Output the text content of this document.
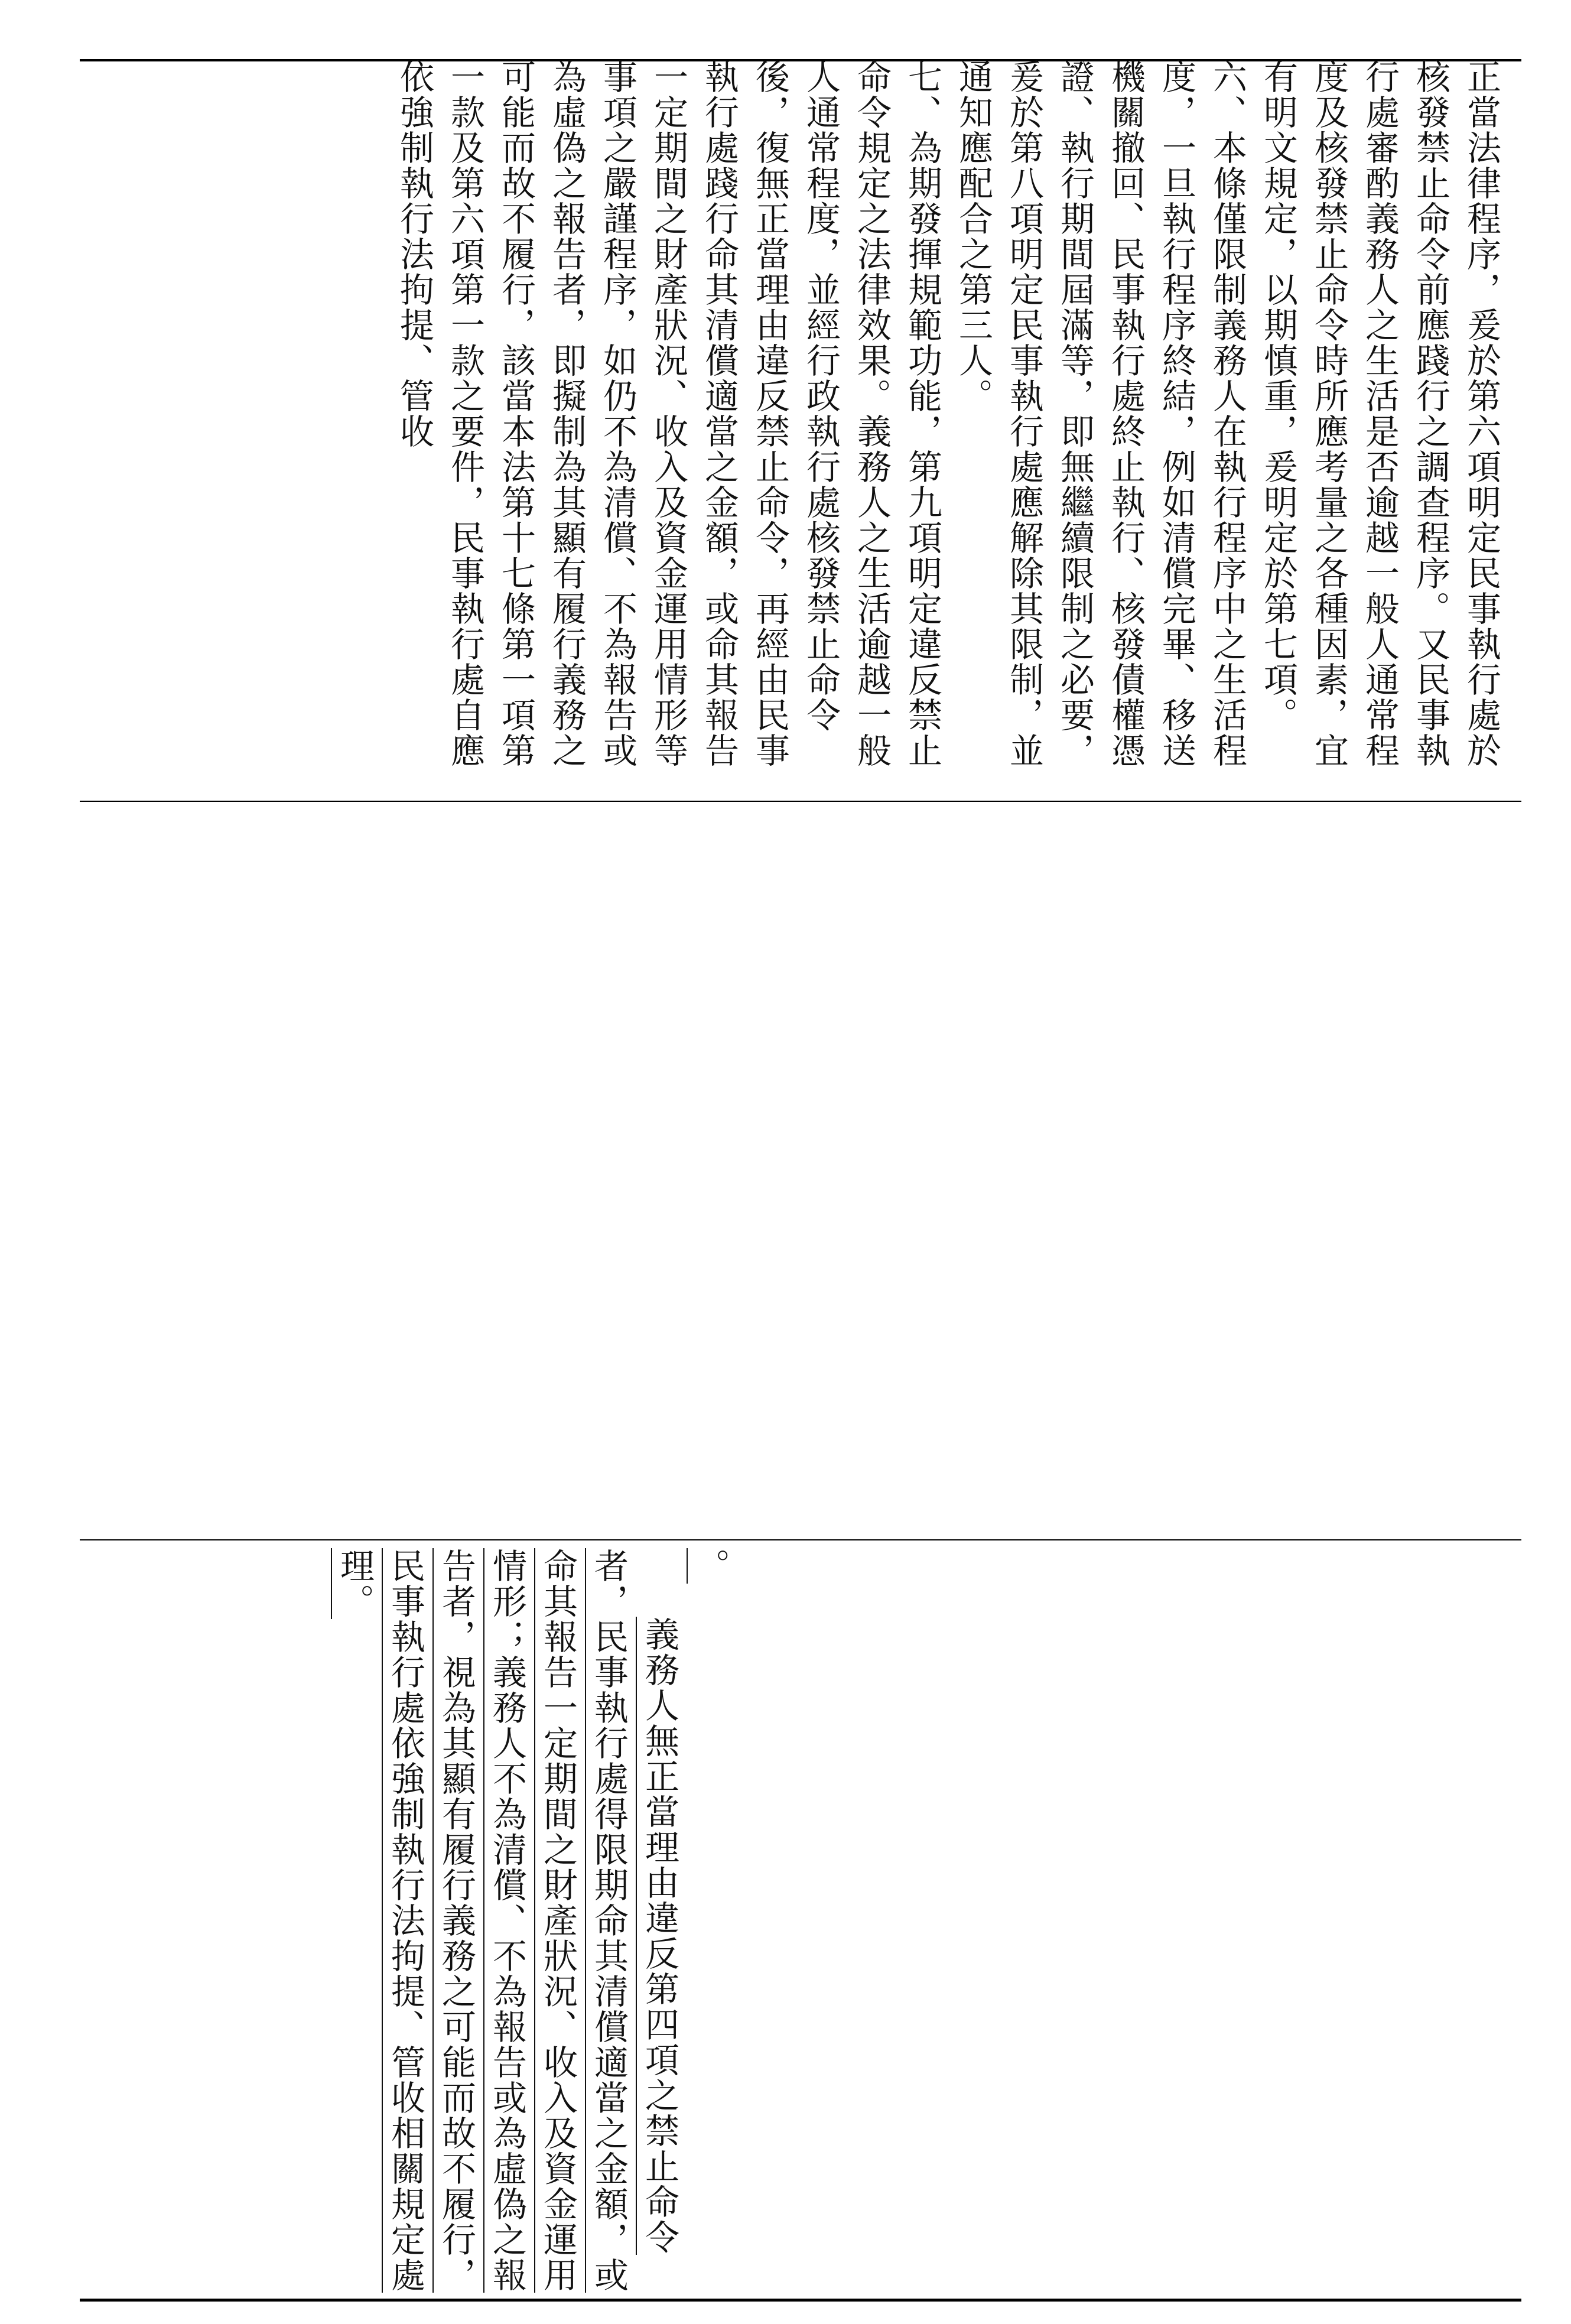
正當法律程序，爰於第六項明定民事執行處於核發禁止命令前應踐行之調查程序。又民事執行處審酌義務人之生活是否逾越一般人通常程度及核發禁止命令時所應考量之各種因素，宜有明文規定，以期慎重，爰明定於第七項。

六、本條僅限制義務人在執行程序中之生活程度，一旦執行程序終結，例如清償完畢、移送機關撤回、民事執行處終止執行、核發債權憑證、執行期間屆滿等，即無繼續限制之必要，爰於第八項明定民事執行處應解除其限制，並通知應配合之第三人。

七、為期發揮規範功能，第九項明定違反禁止命令規定之法律效果。義務人之生活逾越一般人通常程度，並經行政執行處核發禁止命令後，復無正當理由違反禁止命令，再經由民事執行處踐行命其清償適當之金額，或命其報告一定期間之財產狀況、收入及資金運用情形等事項之嚴謹程序，如仍不為清償、不為報告或為虛偽之報告者，即擬制為其顯有履行義務之可能而故不履行，該當本法第十七條第一項第一款及第六項第一款之要件，民事執行處自應依強制執行法拘提、管收

。

義務人無正當理由違反第四項之禁止命令者，民事執行處得限期命其清償適當之金額，或命其報告一定期間之財產狀況、收入及資金運用情形；義務人不為清償、不為報告或為虛偽之報告者，視為其顯有履行義務之可能而故不履行，民事執行處依強制執行法拘提、管收相關規定處理。
